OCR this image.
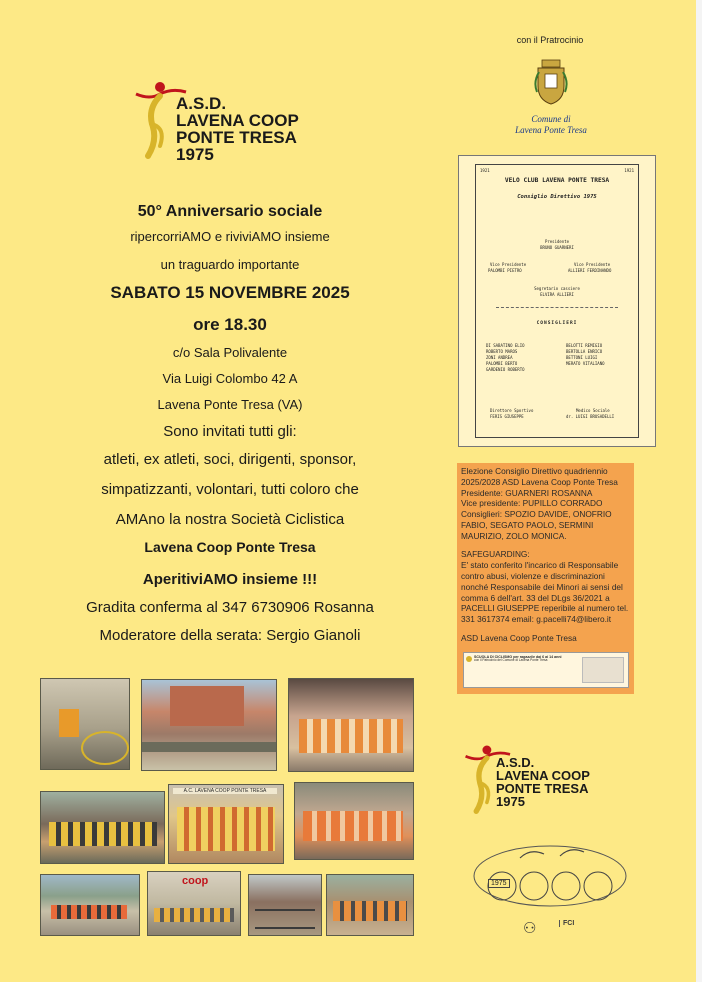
A.S.D.
LAVENA COOP
PONTE TRESA
1975
con il Pratrocinio
Comune di
Lavena Ponte Tresa
50° Anniversario sociale
ripercorriAMO e riviviAMO insieme
un traguardo importante
SABATO 15 NOVEMBRE 2025
ore 18.30
c/o Sala Polivalente
Via Luigi Colombo 42 A
Lavena Ponte Tresa (VA)
Sono invitati tutti gli:
atleti, ex atleti, soci, dirigenti, sponsor,
simpatizzanti, volontari, tutti coloro che
AMAno la nostra Società Ciclistica
Lavena Coop Ponte Tresa
AperitiviAMO insieme !!!
Gradita conferma al 347 6730906 Rosanna
Moderatore della serata: Sergio Gianoli
1921	1921
VELO CLUB LAVENA PONTE TRESA
Consiglio Direttivo 1975
Presidente
BRUNO GUARNERI
Vice Presidente
PALOMBI PIETRO
Vice Presidente
ALLIERI FERDINANDO
Segretario cassiere
ELVIRA ALLIERI
CONSIGLIERI
DI SABATINO ELIO
ROBERTO MAROS
ZONI ANDREA
PALOMBI BERTO
GARDENIO ROBERTO
BELOTTI REMIGIO
BERTOLLA ENRICO
BETTONI LUIGI
MERATO VITALIANO
Direttore Sportivo
FERIS GIUSEPPE
Medico Sociale
dr. LUIGI BRUSADELLI
Elezione Consiglio Direttivo quadriennio 2025/2028 ASD Lavena Coop Ponte Tresa
Presidente: GUARNERI ROSANNA
Vice presidente: PUPILLO CORRADO
Consiglieri: SPOZIO DAVIDE, ONOFRIO FABIO, SEGATO PAOLO, SERMINI MAURIZIO, ZOLO MONICA.
SAFEGUARDING:
E' stato conferito l'incarico di Responsabile contro abusi, violenze e discriminazioni nonché Responsabile dei Minori ai sensi del comma 6 dell'art. 33 del DLgs 36/2021 a PACELLI GIUSEPPE reperibile al numero tel. 331 3617374 email: g.pacelli74@libero.it
ASD Lavena Coop Ponte Tresa
SCUOLA DI CICLISMO per ragazzi/e dai 6 ai 14 anni
con il Patrocinio del Comune di Lavena Ponte Tresa
A.S.D.
LAVENA COOP
PONTE TRESA
1975
1975
⚇	FCI
A.C. LAVENA COOP PONTE TRESA
coop
